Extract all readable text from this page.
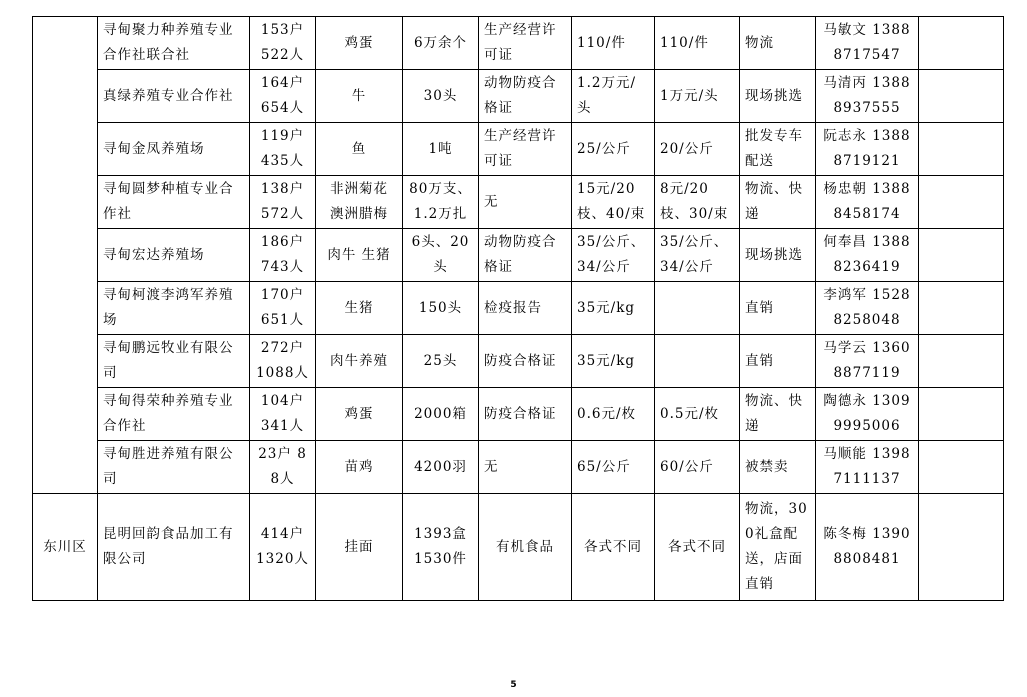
	寻甸聚力种养殖专业合作社联合社	153户 522人	鸡蛋	6万余个	生产经营许可证	110/件	110/件	物流	马敏文 13888717547	
	真绿养殖专业合作社	164户 654人	牛	30头	动物防疫合格证	1.2万元/头	1万元/头	现场挑选	马清丙 13888937555	
	寻甸金凤养殖场	119户 435人	鱼	1吨	生产经营许可证	25/公斤	20/公斤	批发专车配送	阮志永 13888719121	
	寻甸圆梦种植专业合作社	138户 572人	非洲菊花 澳洲腊梅	80万支、1.2万扎	无	15元/20枝、40/束	8元/20枝、30/束	物流、快递	杨忠朝 13888458174	
	寻甸宏达养殖场	186户 743人	肉牛 生猪	6头、20头	动物防疫合格证	35/公斤、34/公斤	35/公斤、34/公斤	现场挑选	何奉昌 13888236419	
	寻甸柯渡李鸿军养殖场	170户 651人	生猪	150头	检疫报告	35元/kg		直销	李鸿军 15288258048	
	寻甸鹏远牧业有限公司	272户 1088人	肉牛养殖	25头	防疫合格证	35元/kg		直销	马学云 13608877119	
	寻甸得荣种养殖专业合作社	104户 341人	鸡蛋	2000箱	防疫合格证	0.6元/枚	0.5元/枚	物流、快递	陶德永 13099995006	
	寻甸胜进养殖有限公司	23户 88人	苗鸡	4200羽	无	65/公斤	60/公斤	被禁卖	马顺能 13987111137	
东川区	昆明回韵食品加工有限公司	414户 1320人	挂面	1393盒 1530件	有机食品	各式不同	各式不同	物流，300礼盒配送，店面直销	陈冬梅 13908808481	
5
